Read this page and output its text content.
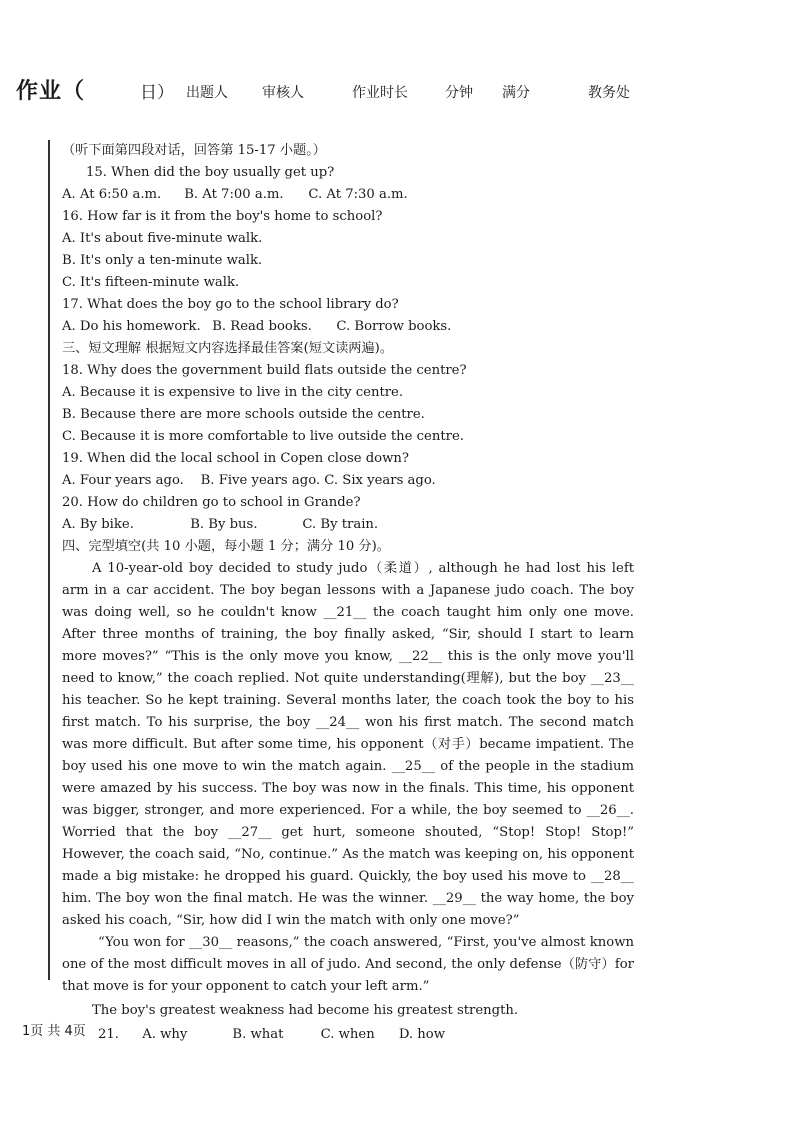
作业（	日） 出题人 审核人	作业时长	分钟 满分	教务处
（听下面第四段对话，回答第 15-17 小题。）
15. When did the boy usually get up?
A. At 6:50 a.m. B. At 7:00 a.m. C. At 7:30 a.m.
16. How far is it from the boy's home to school?
A. It's about five-minute walk.
B. It's only a ten-minute walk.
C. It's fifteen-minute walk.
17. What does the boy go to the school library do?
A. Do his homework. B. Read books. C. Borrow books.
三、短文理解 根据短文内容选择最佳答案(短文读两遍)。
18. Why does the government build flats outside the centre?
A. Because it is expensive to live in the city centre.
B. Because there are more schools outside the centre.
C. Because it is more comfortable to live outside the centre.
19. When did the local school in Copen close down?
A. Four years ago.    B. Five years ago. C. Six years ago.
20. How do children go to school in Grande?
A. By bike.	B. By bus.	C. By train.
四、完型填空(共 10 小题，每小题 1 分；满分 10 分)。

A 10-year-old boy decided to study judo（柔道）, although he had lost his left arm in a car accident. The boy began lessons with a Japanese judo coach. The boy was doing well, so he couldn't know __21__ the coach taught him only one move. After three months of training, the boy finally asked, “Sir, should I start to learn more moves?” “This is the only move you know, __22__ this is the only move you'll need to know,” the coach replied. Not quite understanding(理解), but the boy __23__ his teacher. So he kept training. Several months later, the coach took the boy to his first match. To his surprise, the boy __24__ won his first match. The second match was more difficult. But after some time, his opponent（对手）became impatient. The boy used his one move to win the match again. __25__ of the people in the stadium were amazed by his success. The boy was now in the finals. This time, his opponent was bigger, stronger, and more experienced. For a while, the boy seemed to __26__. Worried that the boy __27__ get hurt, someone shouted, “Stop! Stop! Stop!” However, the coach said, “No, continue.” As the match was keeping on, his opponent made a big mistake: he dropped his guard. Quickly, the boy used his move to __28__ him. The boy won the final match. He was the winner. __29__ the way home, the boy asked his coach, “Sir, how did I win the match with only one move?”

“You won for __30__ reasons,” the coach answered, “First, you've almost known one of the most difficult moves in all of judo. And second, the only defense（防守）for that move is for your opponent to catch your left arm.”

The boy's greatest weakness had become his greatest strength.

21. A. why	B. what	C. when D. how
1页 共 4页
